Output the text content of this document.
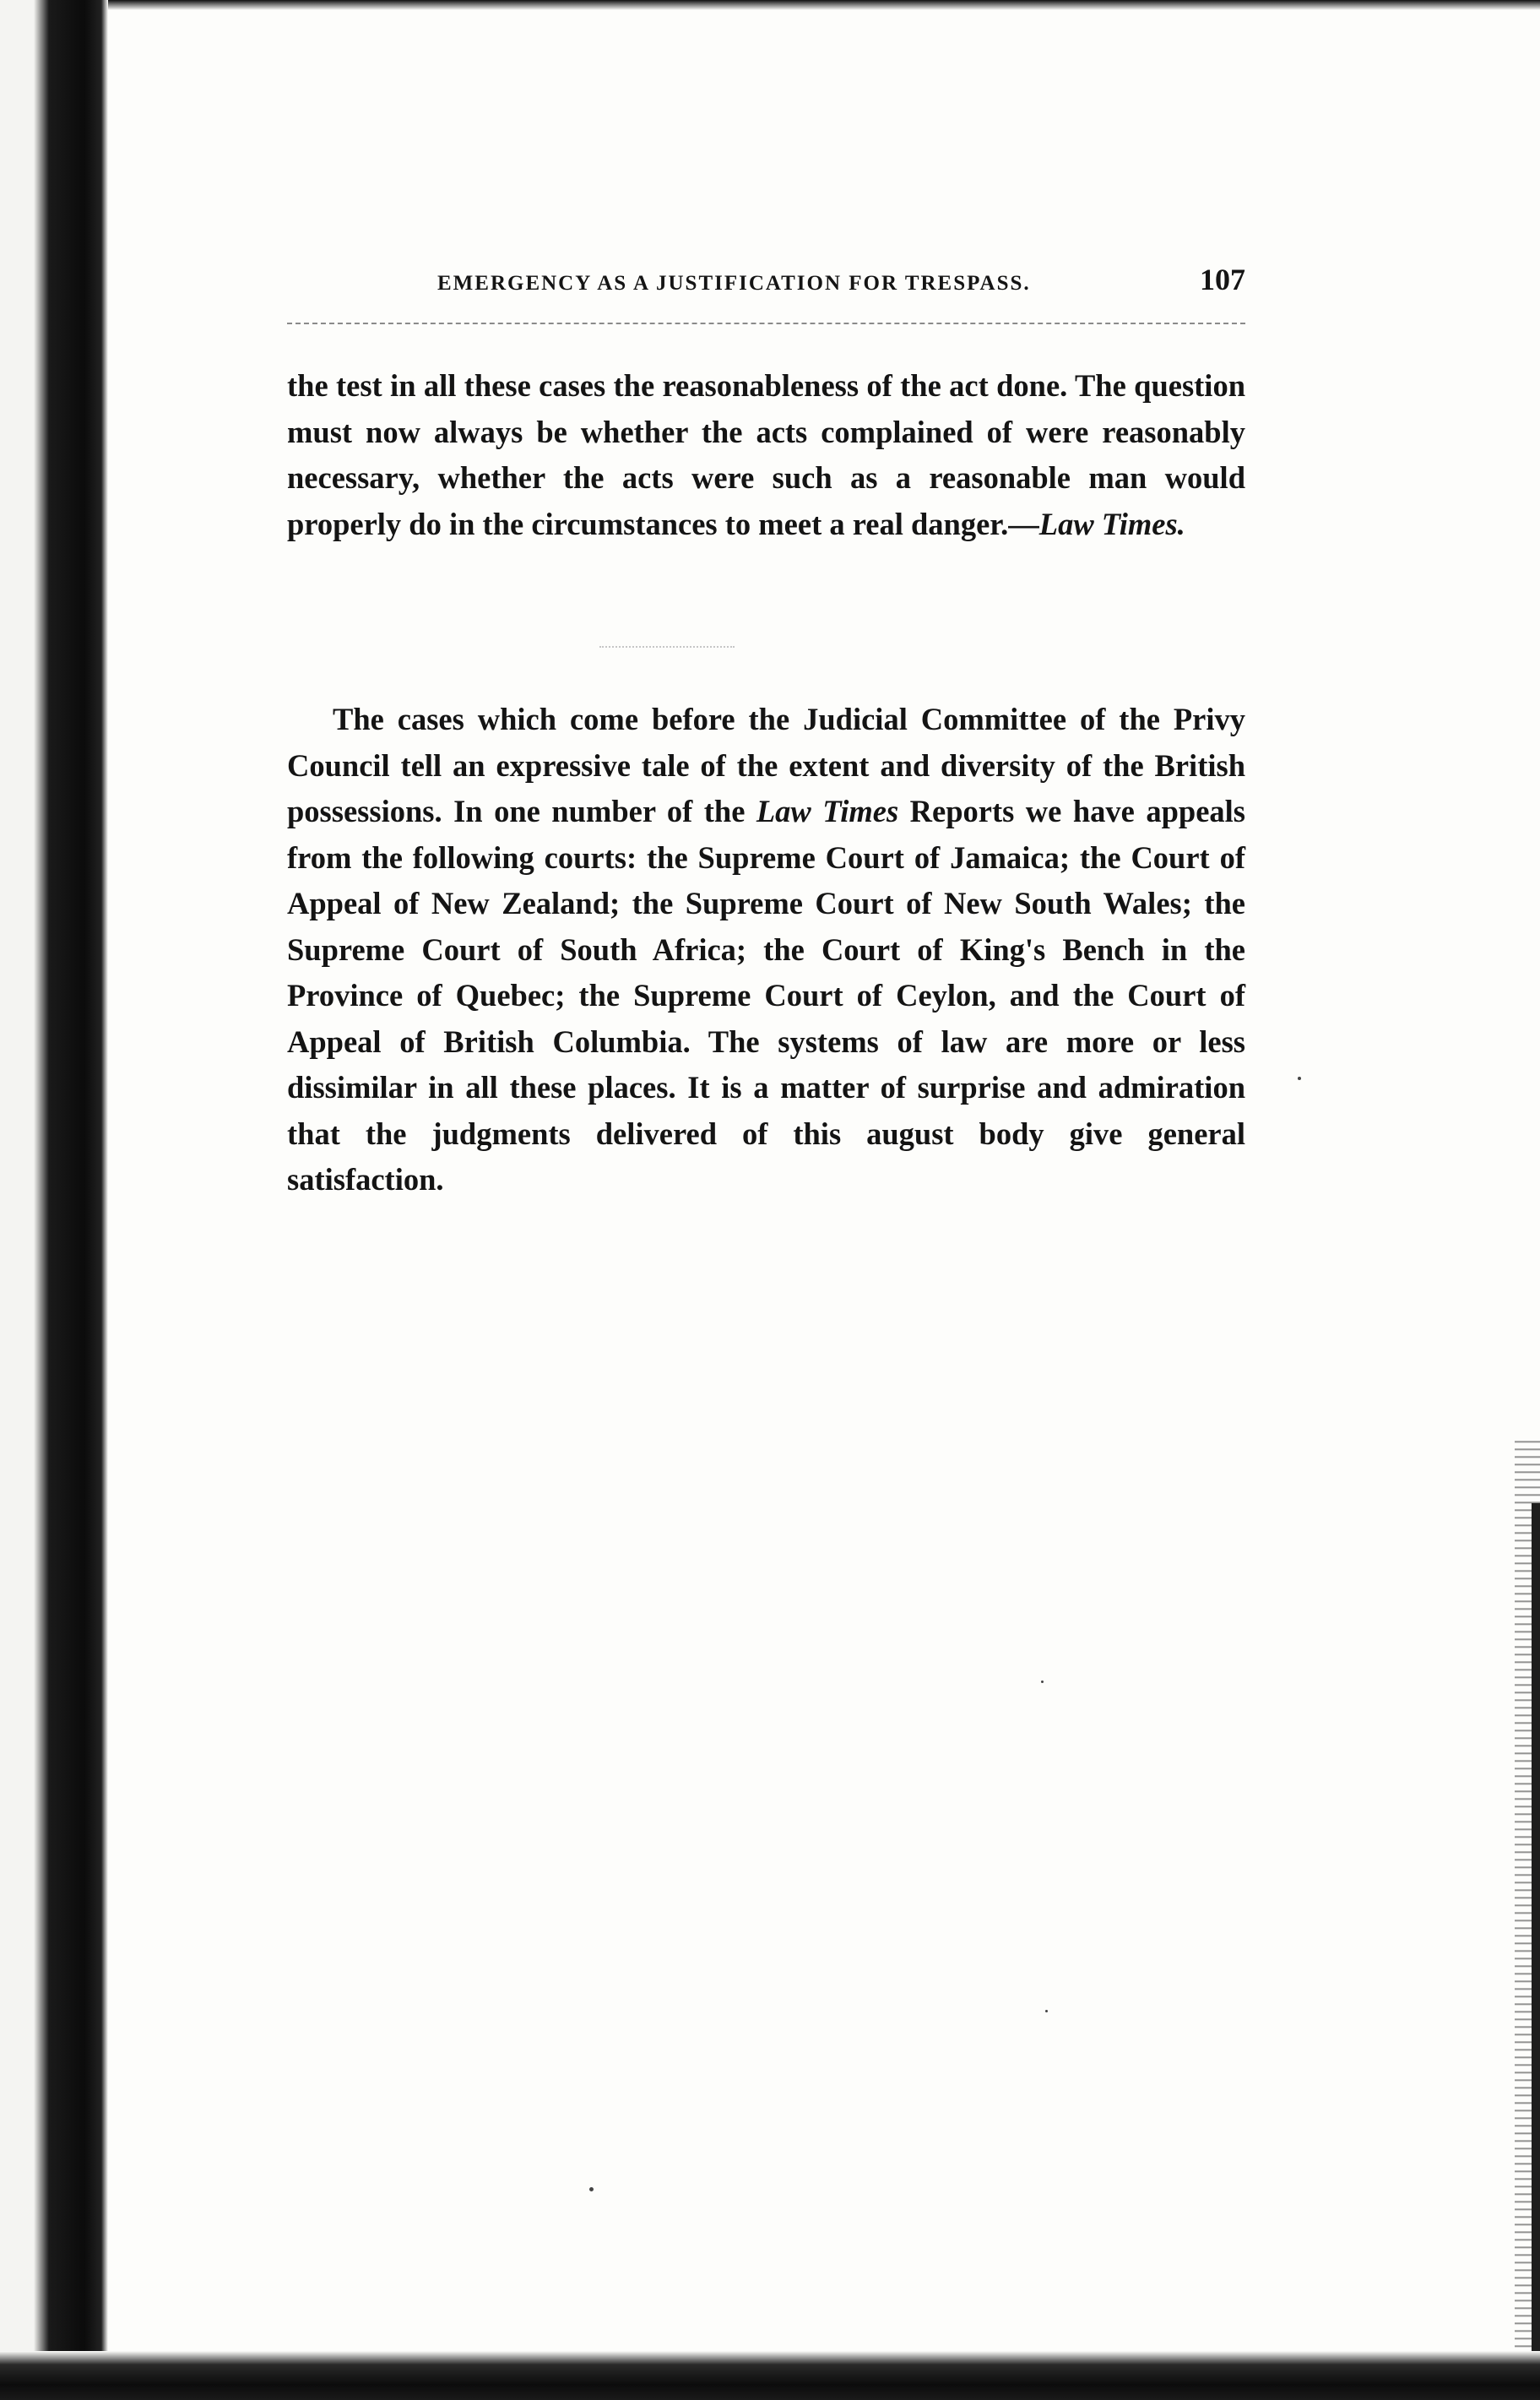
EMERGENCY AS A JUSTIFICATION FOR TRESPASS.	107

the test in all these cases the reasonableness of the act done. The question must now always be whether the acts complained of were reasonably necessary, whether the acts were such as a reasonable man would properly do in the circumstances to meet a real danger.—Law Times.

The cases which come before the Judicial Committee of the Privy Council tell an expressive tale of the extent and diversity of the British possessions. In one number of the Law Times Reports we have appeals from the following courts: the Supreme Court of Jamaica; the Court of Appeal of New Zealand; the Supreme Court of New South Wales; the Supreme Court of South Africa; the Court of King's Bench in the Province of Quebec; the Supreme Court of Ceylon, and the Court of Appeal of British Columbia. The systems of law are more or less dissimilar in all these places. It is a matter of surprise and admiration that the judgments delivered of this august body give general satisfaction.
